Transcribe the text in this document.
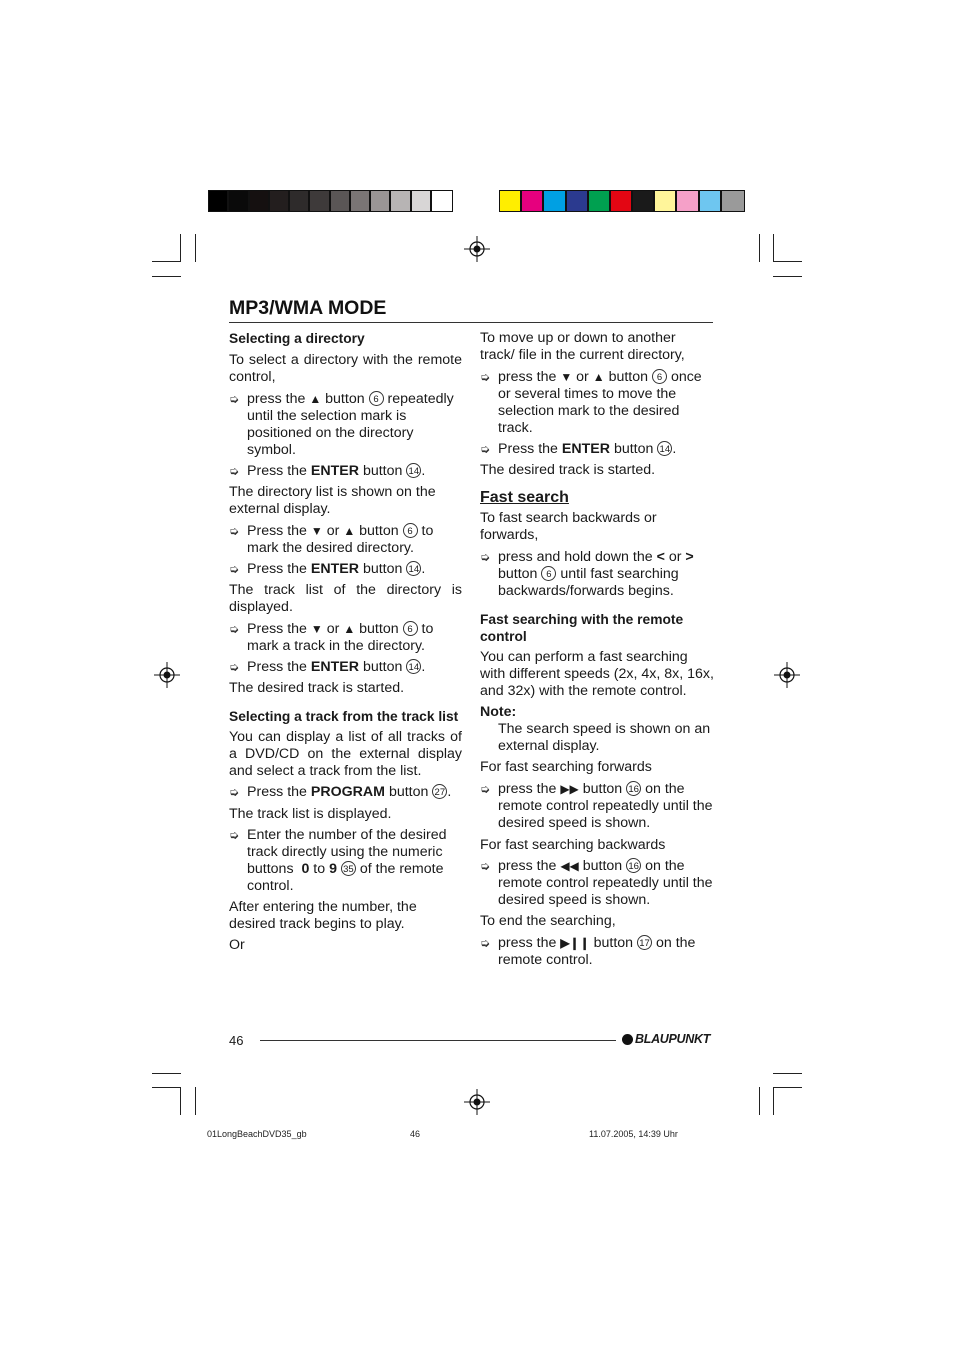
MP3/WMA MODE

Selecting a directory

To select a directory with the remote control,

➭ press the ▲ button 6 repeatedly until the selection mark is positioned on the directory symbol.
➭ Press the ENTER button 14 .

The directory list is shown on the external display.

➭ Press the ▼ or ▲ button 6 to mark the desired directory.
➭ Press the ENTER button 14 .

The track list of the directory is displayed.

➭ Press the ▼ or ▲ button 6 to mark a track in the directory.
➭ Press the ENTER button 14 .

The desired track is started.

Selecting a track from the track list

You can display a list of all tracks of a DVD/CD on the external display and select a track from the list.

➭ Press the PROGRAM button 27 .

The track list is displayed.

➭ Enter the number of the desired track directly using the numeric buttons 0 to 9 35 of the remote control.

After entering the number, the desired track begins to play.

Or

To move up or down to another track/ file in the current directory,

➭ press the ▼ or ▲ button 6 once or several times to move the selection mark to the desired track.
➭ Press the ENTER button 14 .

The desired track is started.

Fast search

To fast search backwards or forwards,

➭ press and hold down the < or > button 6 until fast searching backwards/forwards begins.

Fast searching with the remote control

You can perform a fast searching with different speeds (2x, 4x, 8x, 16x, and 32x) with the remote control.

Note:

The search speed is shown on an external display.

For fast searching forwards

➭ press the ▶▶ button 16 on the remote control repeatedly until the desired speed is shown.

For fast searching backwards

➭ press the ◀◀ button 16 on the remote control repeatedly until the desired speed is shown.

To end the searching,

➭ press the ▶❙❙ button 17 on the remote control.
46	BLAUPUNKT
01LongBeachDVD35_gb	46	11.07.2005, 14:39 Uhr
